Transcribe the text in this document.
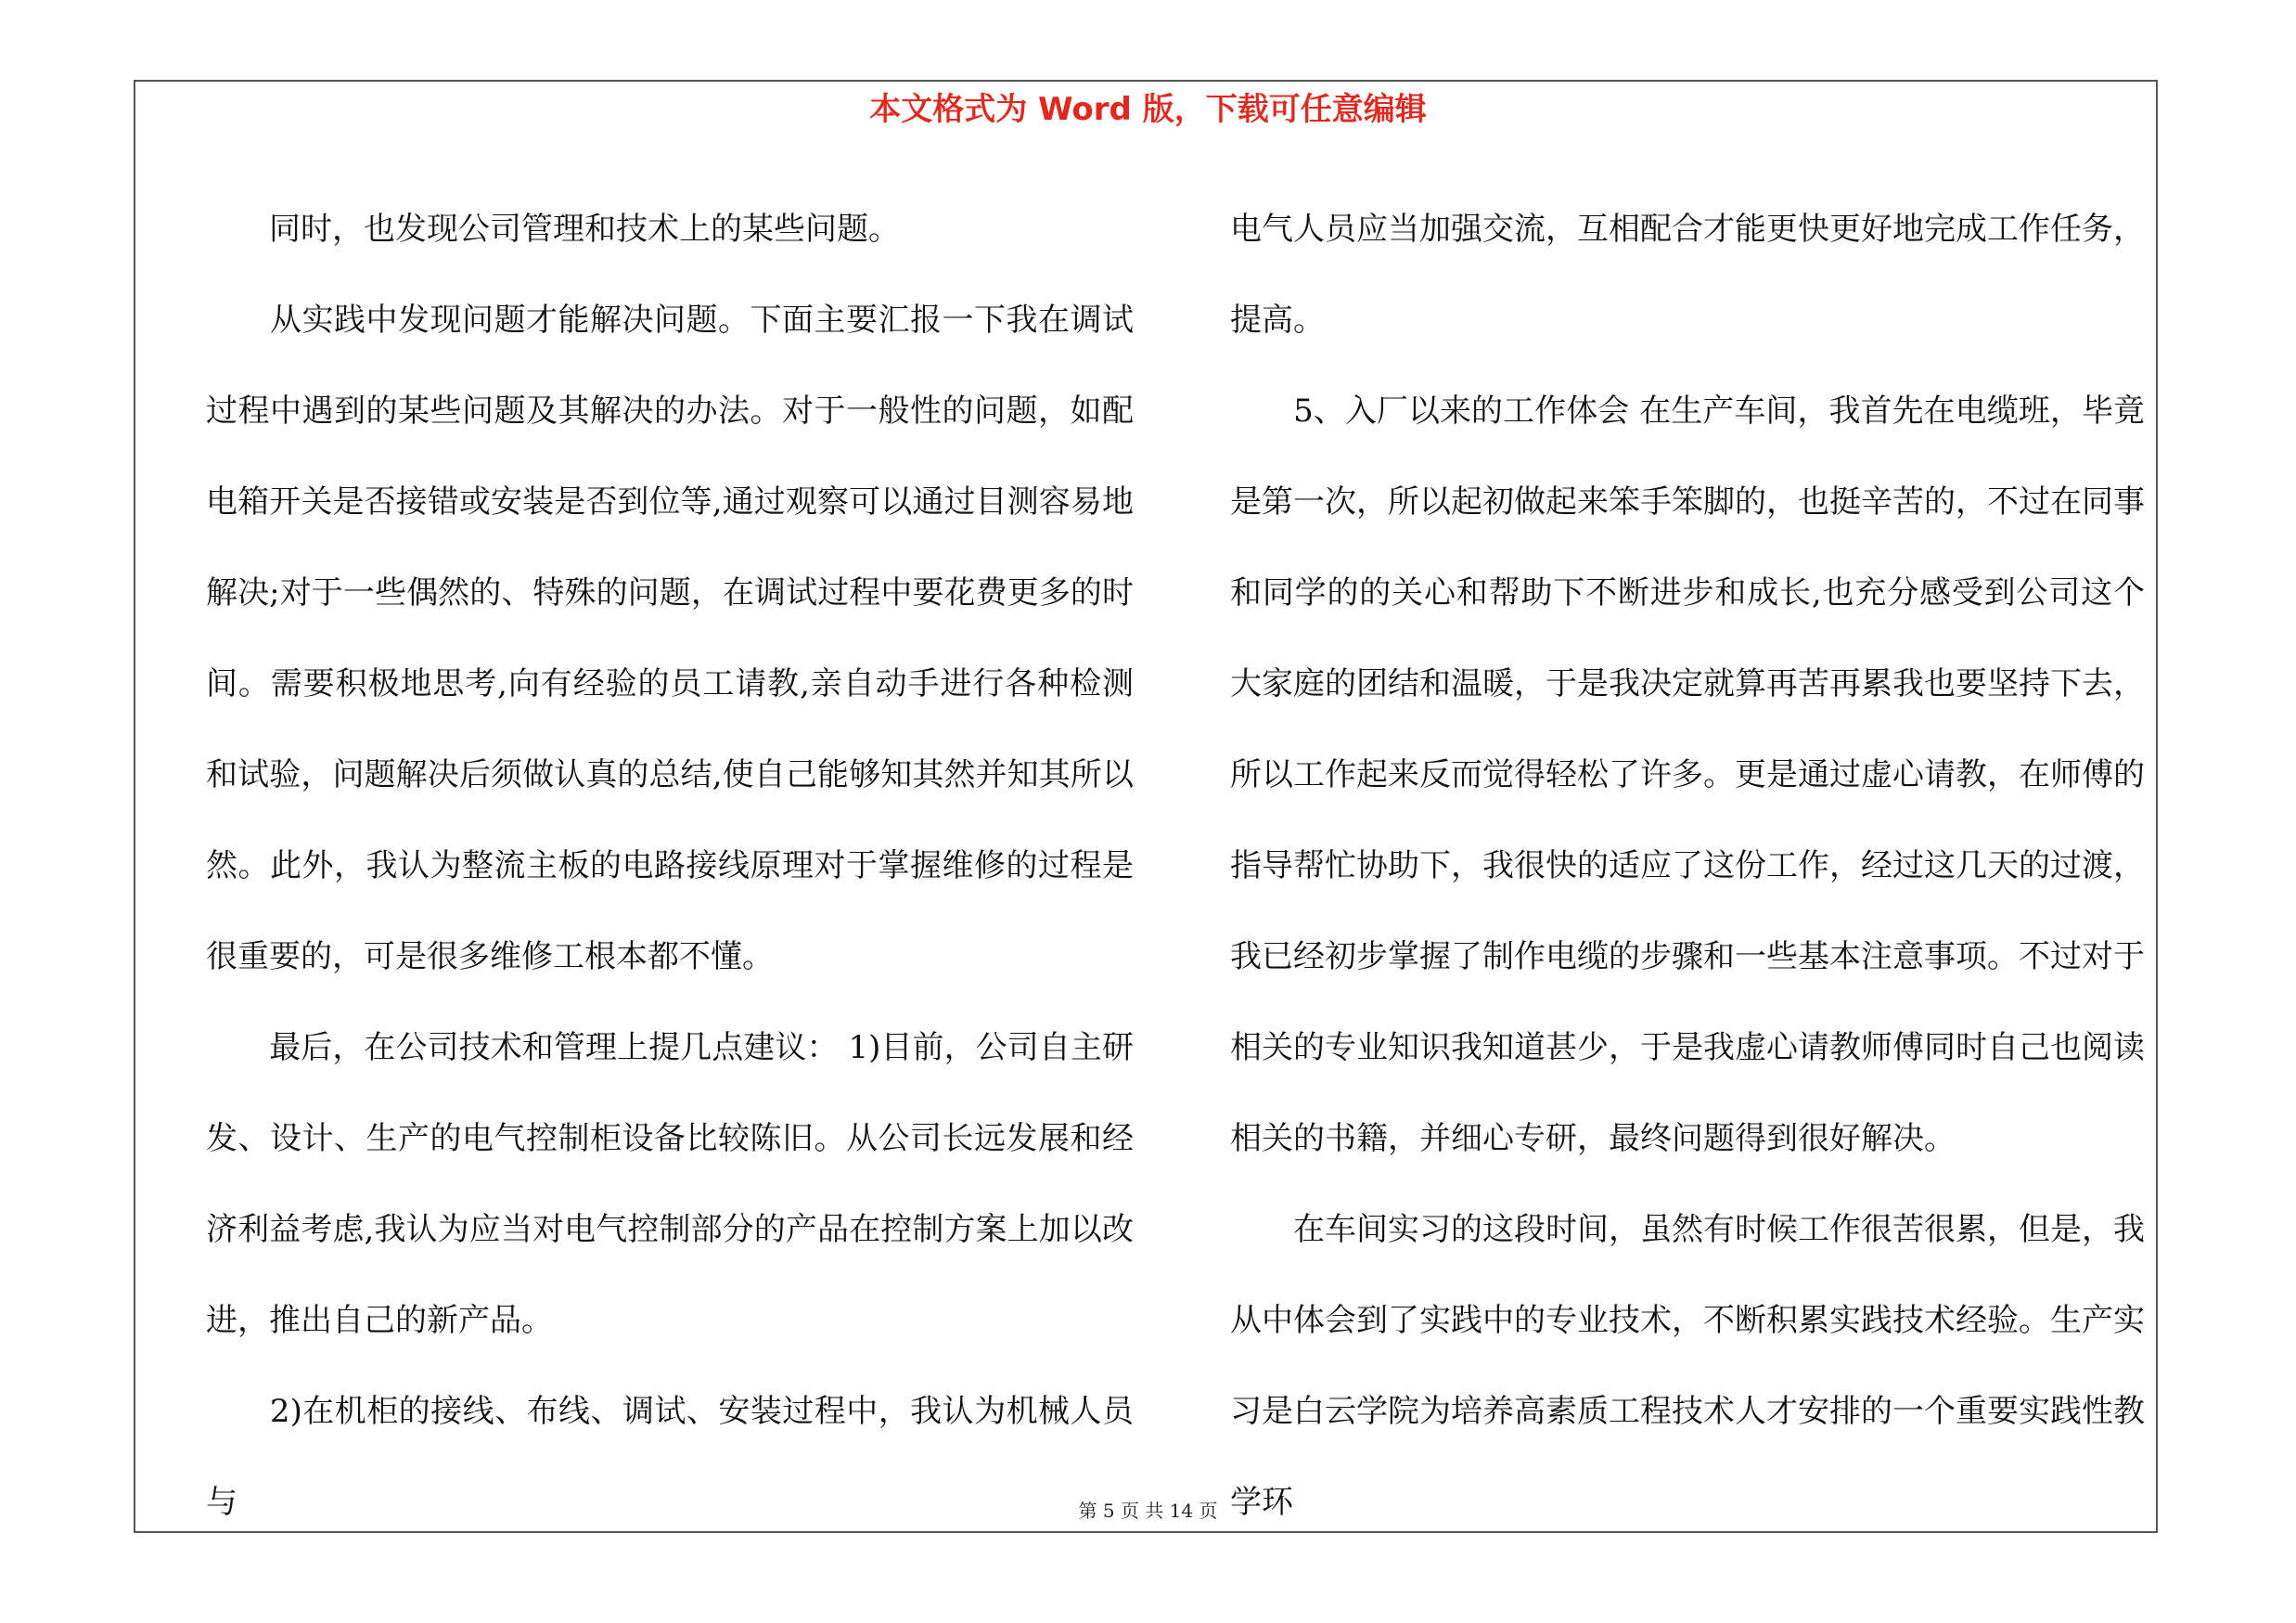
本文格式为 Word 版，下载可任意编辑

　　同时，也发现公司管理和技术上的某些问题。

　　从实践中发现问题才能解决问题。下面主要汇报一下我在调试过程中遇到的某些问题及其解决的办法。对于一般性的问题，如配电箱开关是否接错或安装是否到位等,通过观察可以通过目测容易地解决;对于一些偶然的、特殊的问题，在调试过程中要花费更多的时间。需要积极地思考,向有经验的员工请教,亲自动手进行各种检测和试验，问题解决后须做认真的总结,使自己能够知其然并知其所以然。此外，我认为整流主板的电路接线原理对于掌握维修的过程是很重要的，可是很多维修工根本都不懂。

　　最后，在公司技术和管理上提几点建议： 1)目前，公司自主研发、设计、生产的电气控制柜设备比较陈旧。从公司长远发展和经济利益考虑,我认为应当对电气控制部分的产品在控制方案上加以改进，推出自己的新产品。

　　2)在机柜的接线、布线、调试、安装过程中，我认为机械人员与

电气人员应当加强交流，互相配合才能更快更好地完成工作任务，提高。

　　5、入厂以来的工作体会 在生产车间，我首先在电缆班，毕竟是第一次，所以起初做起来笨手笨脚的，也挺辛苦的，不过在同事和同学的的关心和帮助下不断进步和成长,也充分感受到公司这个大家庭的团结和温暖，于是我决定就算再苦再累我也要坚持下去，所以工作起来反而觉得轻松了许多。更是通过虚心请教，在师傅的指导帮忙协助下，我很快的适应了这份工作，经过这几天的过渡，我已经初步掌握了制作电缆的步骤和一些基本注意事项。不过对于相关的专业知识我知道甚少，于是我虚心请教师傅同时自己也阅读相关的书籍，并细心专研，最终问题得到很好解决。

　　在车间实习的这段时间，虽然有时候工作很苦很累，但是，我从中体会到了实践中的专业技术，不断积累实践技术经验。生产实习是白云学院为培养高素质工程技术人才安排的一个重要实践性教学环

第 5 页 共 14 页
